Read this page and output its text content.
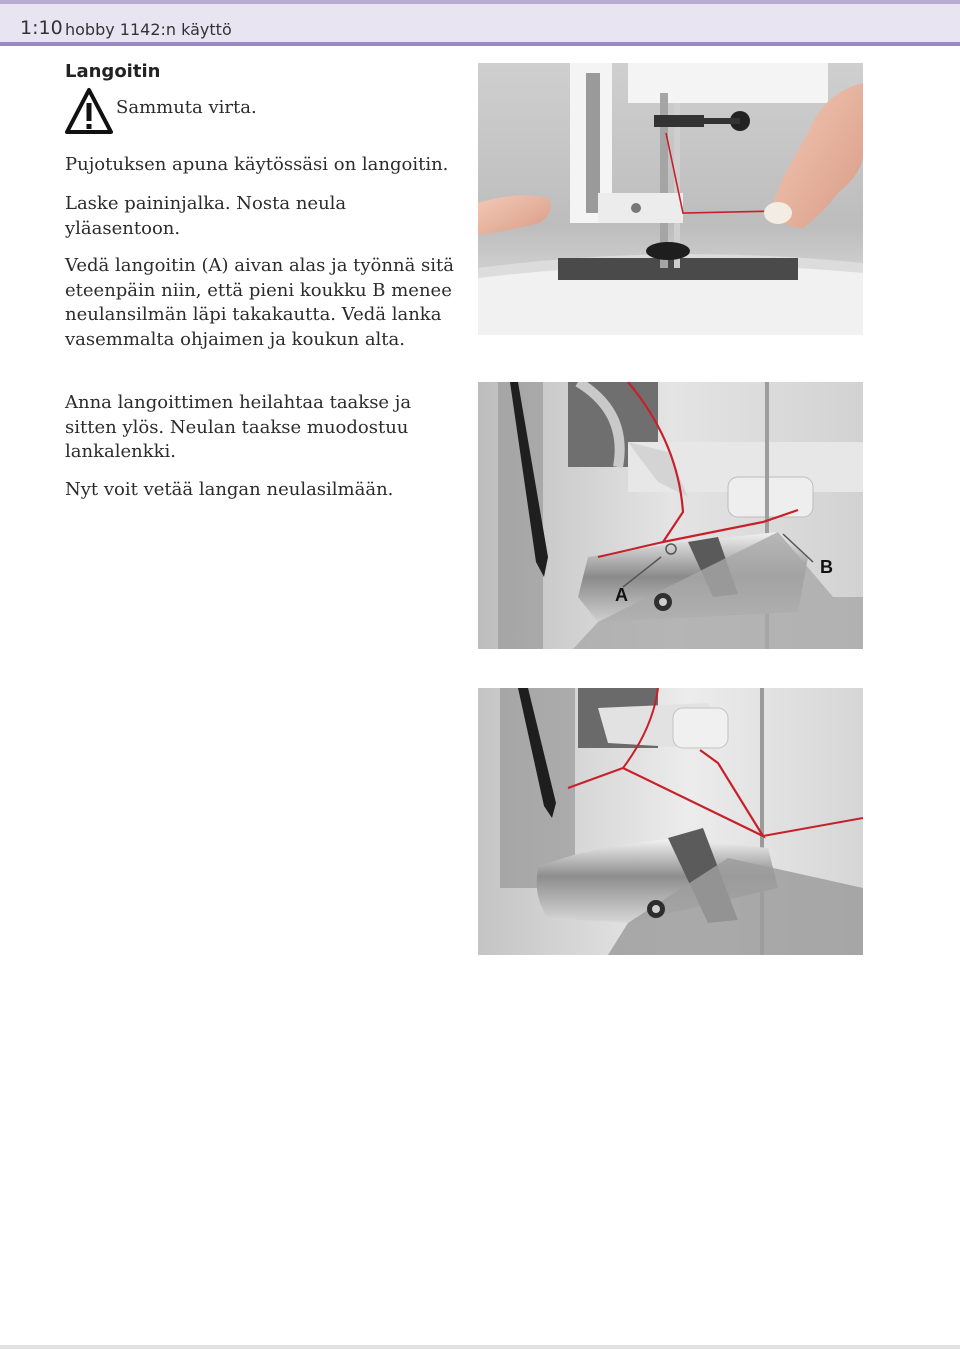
1:10 hobby 1142:n käyttö
Langoitin
Sammuta virta.

Pujotuksen apuna käytössäsi on langoitin.

Laske paininjalka. Nosta neula yläasentoon.

Vedä langoitin (A) aivan alas ja työnnä sitä eteenpäin niin, että pieni koukku B menee neulansilmän läpi takakautta. Vedä lanka vasemmalta ohjaimen ja koukun alta.

Anna langoittimen heilahtaa taakse ja sitten ylös. Neulan taakse muodostuu lankalenkki.

Nyt voit vetää langan neulasilmään.

A
B
